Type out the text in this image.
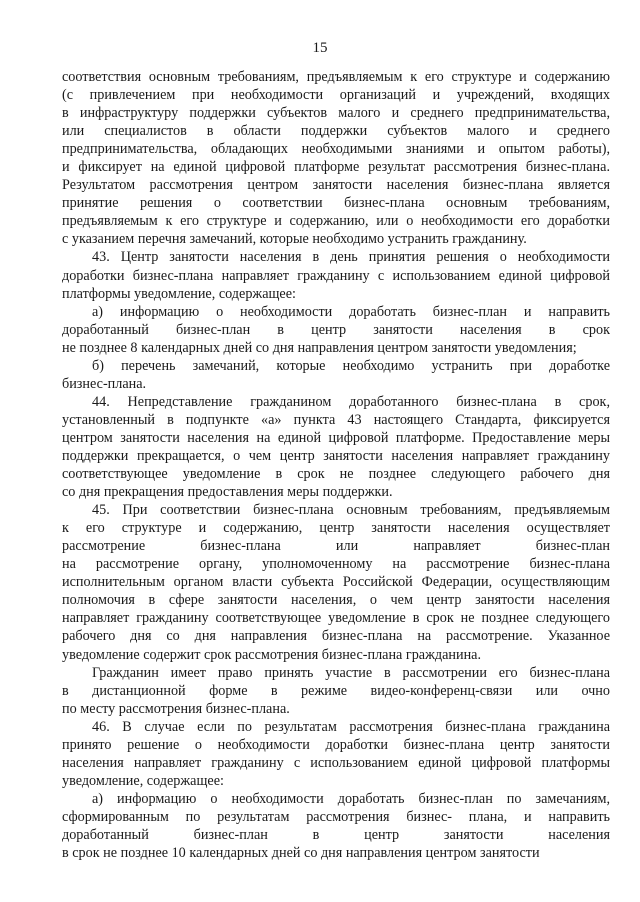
15
соответствия основным требованиям, предъявляемым к его структуре и содержанию
(с привлечением при необходимости организаций и учреждений, входящих
в инфраструктуру поддержки субъектов малого и среднего предпринимательства,
или специалистов в области поддержки субъектов малого и среднего
предпринимательства, обладающих необходимыми знаниями и опытом работы),
и фиксирует на единой цифровой платформе результат рассмотрения бизнес-плана.
Результатом рассмотрения центром занятости населения бизнес-плана является
принятие решения о соответствии бизнес-плана основным требованиям,
предъявляемым к его структуре и содержанию, или о необходимости его доработки
с указанием перечня замечаний, которые необходимо устранить гражданину.
43. Центр занятости населения в день принятия решения о необходимости
доработки бизнес-плана направляет гражданину с использованием единой цифровой
платформы уведомление, содержащее:
а) информацию о необходимости доработать бизнес-план и направить
доработанный бизнес-план в центр занятости населения в срок
не позднее 8 календарных дней со дня направления центром занятости уведомления;
б) перечень замечаний, которые необходимо устранить при доработке
бизнес-плана.
44. Непредставление гражданином доработанного бизнес-плана в срок,
установленный в подпункте «а» пункта 43 настоящего Стандарта, фиксируется
центром занятости населения на единой цифровой платформе. Предоставление меры
поддержки прекращается, о чем центр занятости населения направляет гражданину
соответствующее уведомление в срок не позднее следующего рабочего дня
со дня прекращения предоставления меры поддержки.
45. При соответствии бизнес-плана основным требованиям, предъявляемым
к его структуре и содержанию, центр занятости населения осуществляет
рассмотрение бизнес-плана или направляет бизнес-план
на рассмотрение органу, уполномоченному на рассмотрение бизнес-плана
исполнительным органом власти субъекта Российской Федерации, осуществляющим
полномочия в сфере занятости населения, о чем центр занятости населения
направляет гражданину соответствующее уведомление в срок не позднее следующего
рабочего дня со дня направления бизнес-плана на рассмотрение. Указанное
уведомление содержит срок рассмотрения бизнес-плана гражданина.
Гражданин имеет право принять участие в рассмотрении его бизнес-плана
в дистанционной форме в режиме видео-конференц-связи или очно
по месту рассмотрения бизнес-плана.
46. В случае если по результатам рассмотрения бизнес-плана гражданина
принято решение о необходимости доработки бизнес-плана центр занятости
населения направляет гражданину с использованием единой цифровой платформы
уведомление, содержащее:
а) информацию о необходимости доработать бизнес-план по замечаниям,
сформированным по результатам рассмотрения бизнес- плана, и направить
доработанный бизнес-план в центр занятости населения
в срок не позднее 10 календарных дней со дня направления центром занятости
